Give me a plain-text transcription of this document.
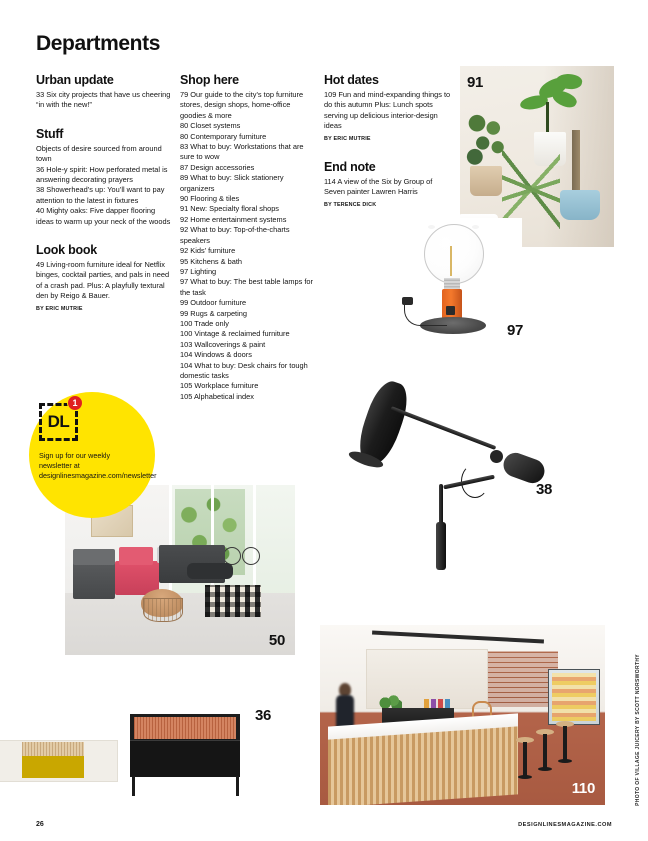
Departments
Urban update

33 Six city projects that have us cheering “in with the new!”

Stuff

Objects of desire sourced from around town

36 Hole-y spirit: How perforated metal is answering decorating prayers

38 Showerhead’s up: You’ll want to pay attention to the latest in fixtures

40 Mighty oaks: Five dapper flooring ideas to warm up your neck of the woods

Look book

49 Living-room furniture ideal for Netflix binges, cocktail parties, and pals in need of a crash pad. Plus: A playfully textural den by Reigo & Bauer.

BY ERIC MUTRIE
Shop here

79 Our guide to the city’s top furniture stores, design shops, home-office goodies & more

80 Closet systems

80 Contemporary furniture

83 What to buy: Workstations that are sure to wow

87 Design accessories

89 What to buy: Slick stationery organizers

90 Flooring & tiles

91 New: Specialty floral shops

92 Home entertainment systems

92 What to buy: Top-of-the-charts speakers

92 Kids’ furniture

95 Kitchens & bath

97 Lighting

97 What to buy: The best table lamps for the task

99 Outdoor furniture

99 Rugs & carpeting

100 Trade only

100 Vintage & reclaimed furniture

103 Wallcoverings & paint

104 Windows & doors

104 What to buy: Desk chairs for tough domestic tasks

105 Workplace furniture

105 Alphabetical index

Hot dates

109 Fun and mind-expanding things to do this autumn Plus: Lunch spots serving up delicious interior-design ideas

BY ERIC MUTRIE
End note

114 A view of the Six by Group of Seven painter Lawren Harris

BY TERENCE DICK
91
97
38
50
36
110
DL
1
Sign up for our weekly newsletter at designlinesmagazine.com/newsletter
PHOTO OF VILLAGE JUICERY BY SCOTT NORSWORTHY
26	DESIGNLINESMAGAZINE.COM
